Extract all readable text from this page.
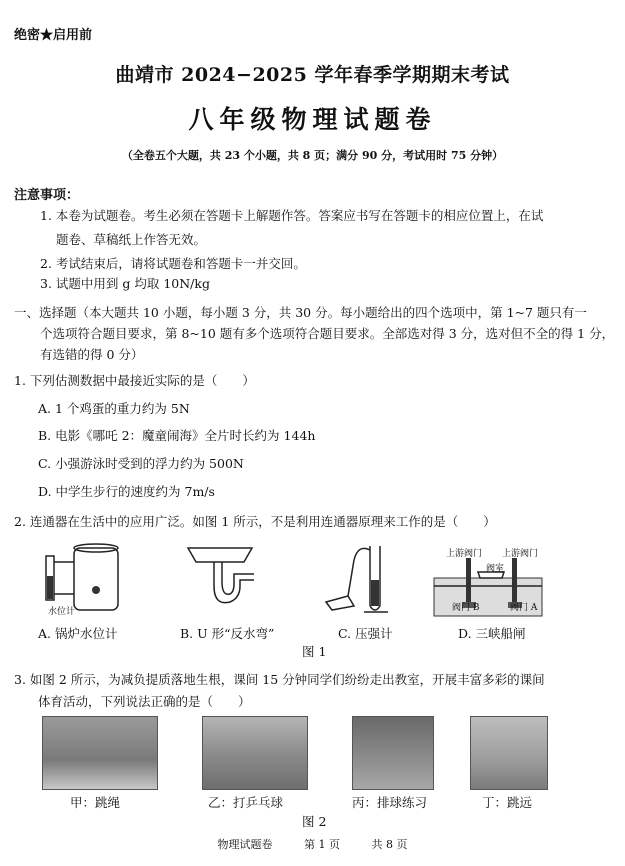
绝密★启用前
曲靖市 2024−2025 学年春季学期期末考试
八年级物理试题卷
（全卷五个大题，共 23 个小题，共 8 页；满分 90 分，考试用时 75 分钟）
注意事项：
1. 本卷为试题卷。考生必须在答题卡上解题作答。答案应书写在答题卡的相应位置上，在试
题卷、草稿纸上作答无效。
2. 考试结束后，请将试题卷和答题卡一并交回。
3. 试题中用到 g 均取 10N/kg
一、选择题（本大题共 10 小题，每小题 3 分，共 30 分。每小题给出的四个选项中，第 1~7 题只有一
个选项符合题目要求，第 8~10 题有多个选项符合题目要求。全部选对得 3 分，选对但不全的得 1 分，
有选错的得 0 分）
1. 下列估测数据中最接近实际的是（　　）
A. 1 个鸡蛋的重力约为 5N
B. 电影《哪吒 2：魔童闹海》全片时长约为 144h
C. 小强游泳时受到的浮力约为 500N
D. 中学生步行的速度约为 7m/s
2. 连通器在生活中的应用广泛。如图 1 所示，不是利用连通器原理来工作的是（　　）
水位计
上游阀门 上游阀门
阀室
阀门 B	阀门 A
A. 锅炉水位计	B. U 形“反水弯”	C. 压强计	D. 三峡船闸
图 1
3. 如图 2 所示，为减负提质落地生根，课间 15 分钟同学们纷纷走出教室，开展丰富多彩的课间
体育活动，下列说法正确的是（　　）
甲：跳绳	乙：打乒乓球	丙：排球练习	丁：跳远
图 2
物理试题卷	第 1 页	共 8 页
